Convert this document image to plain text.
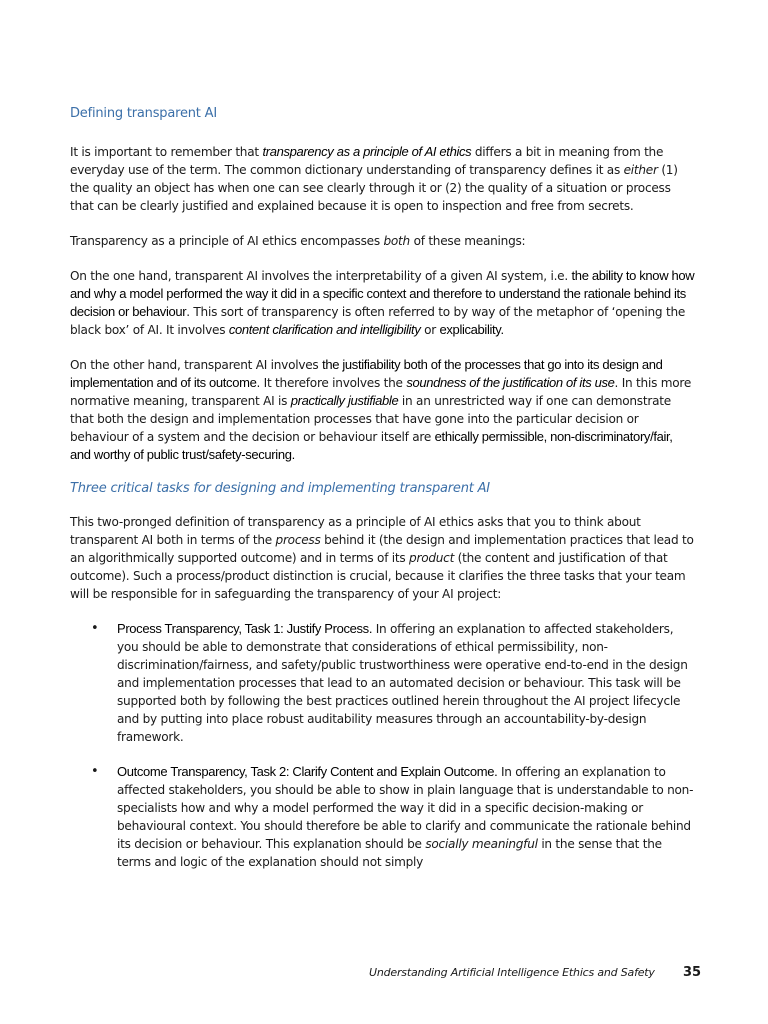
Defining transparent AI

It is important to remember that transparency as a principle of AI ethics differs a bit in meaning from the everyday use of the term. The common dictionary understanding of transparency defines it as either (1) the quality an object has when one can see clearly through it or (2) the quality of a situation or process that can be clearly justified and explained because it is open to inspection and free from secrets.

Transparency as a principle of AI ethics encompasses both of these meanings:

On the one hand, transparent AI involves the interpretability of a given AI system, i.e. the ability to know how and why a model performed the way it did in a specific context and therefore to understand the rationale behind its decision or behaviour. This sort of transparency is often referred to by way of the metaphor of ‘opening the black box’ of AI. It involves content clarification and intelligibility or explicability.

On the other hand, transparent AI involves the justifiability both of the processes that go into its design and implementation and of its outcome. It therefore involves the soundness of the justification of its use. In this more normative meaning, transparent AI is practically justifiable in an unrestricted way if one can demonstrate that both the design and implementation processes that have gone into the particular decision or behaviour of a system and the decision or behaviour itself are ethically permissible, non-discriminatory/fair, and worthy of public trust/safety-securing.

Three critical tasks for designing and implementing transparent AI

This two-pronged definition of transparency as a principle of AI ethics asks that you to think about transparent AI both in terms of the process behind it (the design and implementation practices that lead to an algorithmically supported outcome) and in terms of its product (the content and justification of that outcome). Such a process/product distinction is crucial, because it clarifies the three tasks that your team will be responsible for in safeguarding the transparency of your AI project:

• Process Transparency, Task 1: Justify Process. In offering an explanation to affected stakeholders, you should be able to demonstrate that considerations of ethical permissibility, non-discrimination/fairness, and safety/public trustworthiness were operative end-to-end in the design and implementation processes that lead to an automated decision or behaviour. This task will be supported both by following the best practices outlined herein throughout the AI project lifecycle and by putting into place robust auditability measures through an accountability-by-design framework.
• Outcome Transparency, Task 2: Clarify Content and Explain Outcome. In offering an explanation to affected stakeholders, you should be able to show in plain language that is understandable to non-specialists how and why a model performed the way it did in a specific decision-making or behavioural context. You should therefore be able to clarify and communicate the rationale behind its decision or behaviour. This explanation should be socially meaningful in the sense that the terms and logic of the explanation should not simply
Understanding Artificial Intelligence Ethics and Safety 35
